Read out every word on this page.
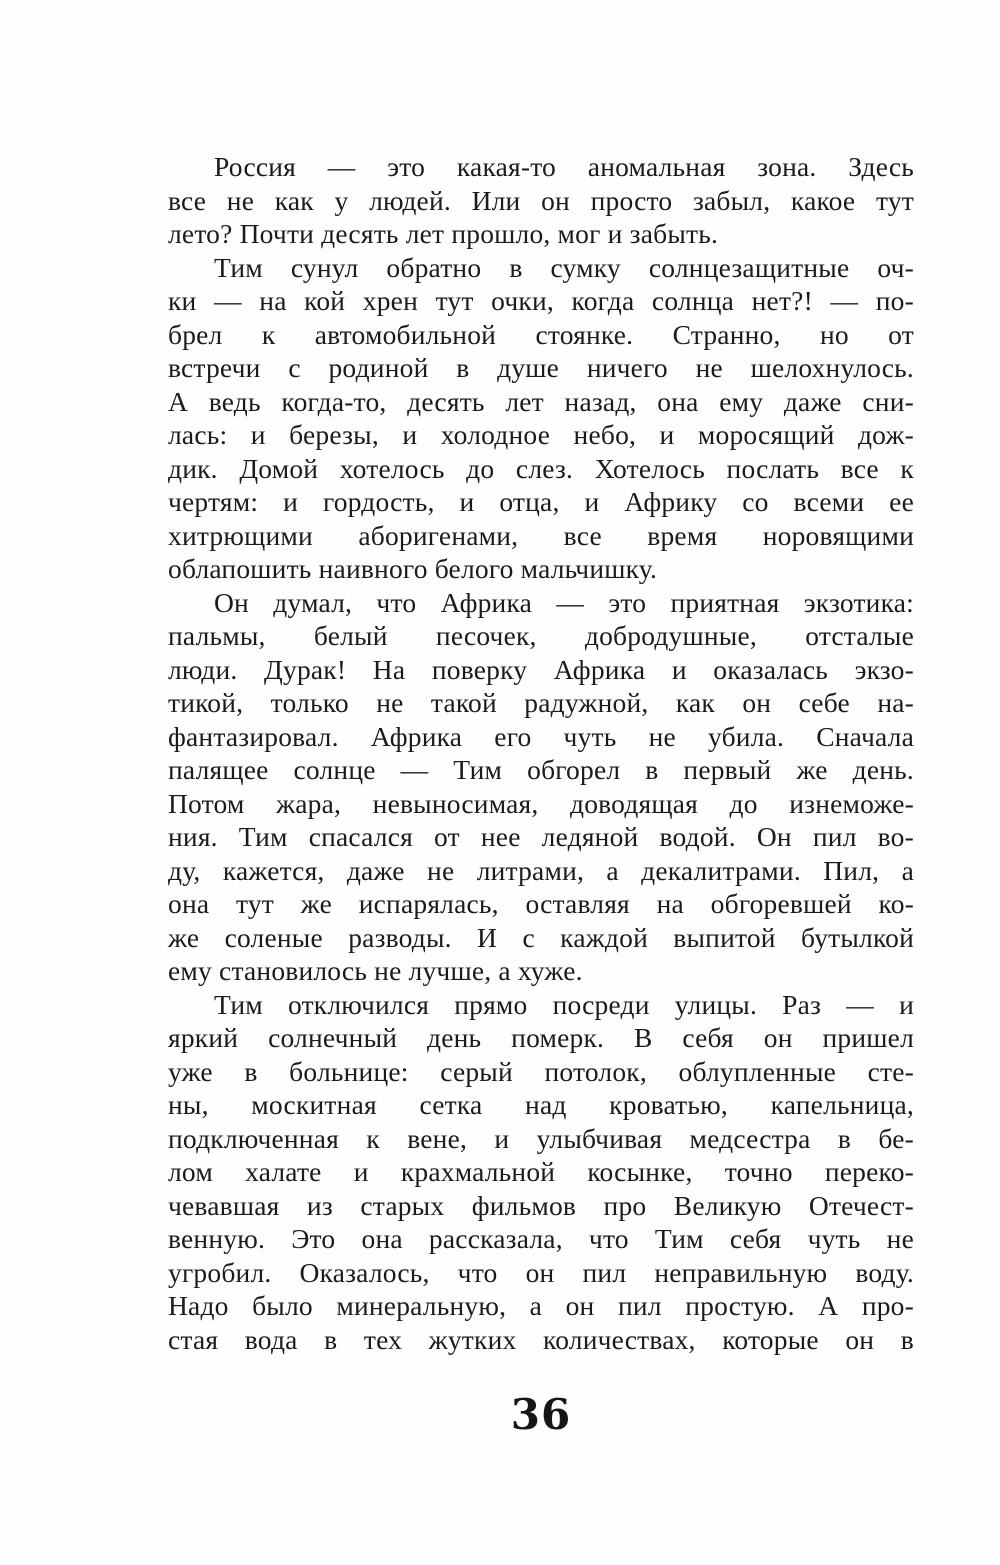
Россия — это какая-то аномальная зона. Здесь
все не как у людей. Или он просто забыл, какое тут
лето? Почти десять лет прошло, мог и забыть.
Тим сунул обратно в сумку солнцезащитные оч-
ки — на кой хрен тут очки, когда солнца нет?! — по-
брел к автомобильной стоянке. Странно, но от
встречи с родиной в душе ничего не шелохнулось.
А ведь когда-то, десять лет назад, она ему даже сни-
лась: и березы, и холодное небо, и моросящий дож-
дик. Домой хотелось до слез. Хотелось послать все к
чертям: и гордость, и отца, и Африку со всеми ее
хитрющими аборигенами, все время норовящими
облапошить наивного белого мальчишку.
Он думал, что Африка — это приятная экзотика:
пальмы, белый песочек, добродушные, отсталые
люди. Дурак! На поверку Африка и оказалась экзо-
тикой, только не такой радужной, как он себе на-
фантазировал. Африка его чуть не убила. Сначала
палящее солнце — Тим обгорел в первый же день.
Потом жара, невыносимая, доводящая до изнеможе-
ния. Тим спасался от нее ледяной водой. Он пил во-
ду, кажется, даже не литрами, а декалитрами. Пил, а
она тут же испарялась, оставляя на обгоревшей ко-
же соленые разводы. И с каждой выпитой бутылкой
ему становилось не лучше, а хуже.
Тим отключился прямо посреди улицы. Раз — и
яркий солнечный день померк. В себя он пришел
уже в больнице: серый потолок, облупленные сте-
ны, москитная сетка над кроватью, капельница,
подключенная к вене, и улыбчивая медсестра в бе-
лом халате и крахмальной косынке, точно переко-
чевавшая из старых фильмов про Великую Отечест-
венную. Это она рассказала, что Тим себя чуть не
угробил. Оказалось, что он пил неправильную воду.
Надо было минеральную, а он пил простую. А про-
стая вода в тех жутких количествах, которые он в
36
